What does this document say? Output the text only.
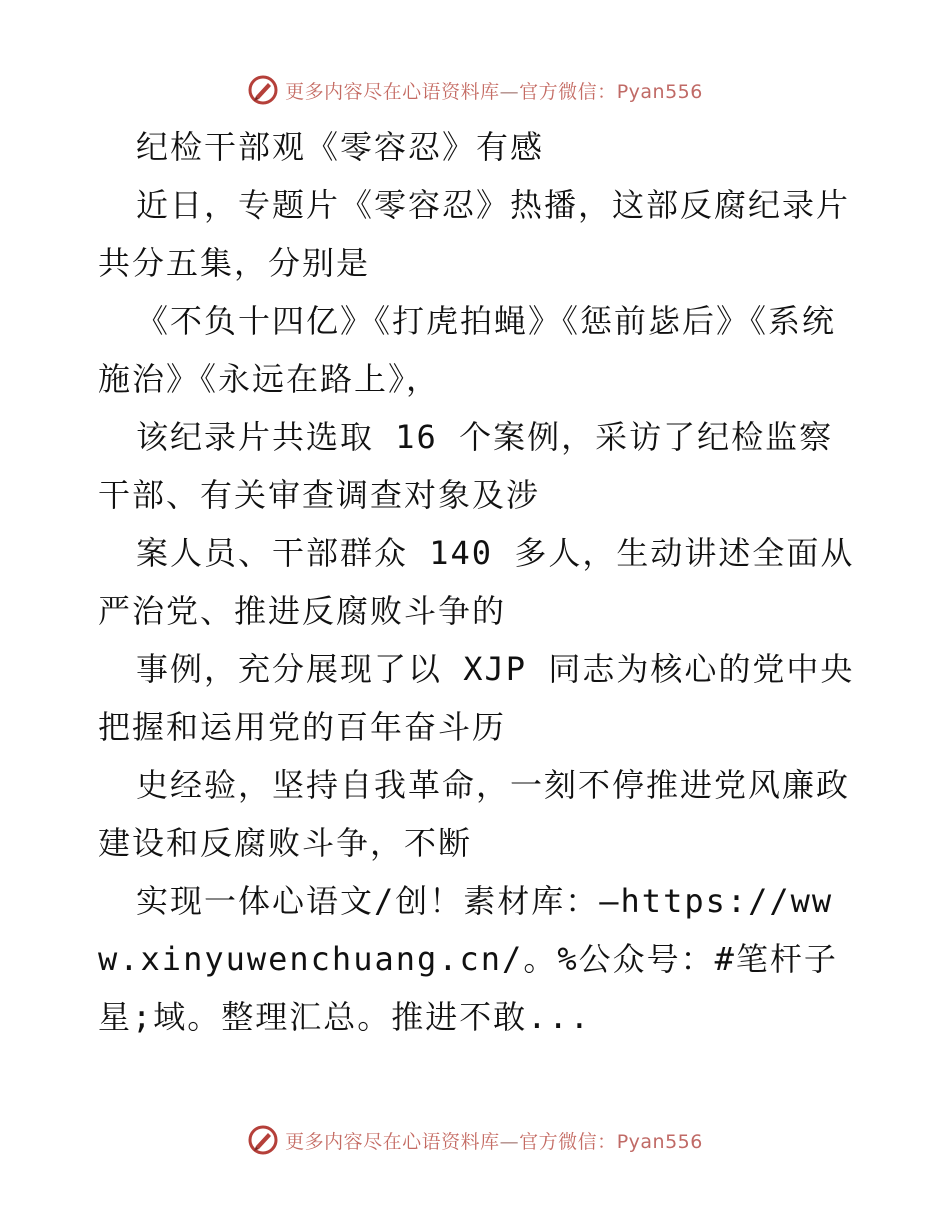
更多内容尽在心语资料库—官方微信：Pyan556

纪检干部观《零容忍》有感

近日，专题片《零容忍》热播，这部反腐纪录片共分五集，分别是

《不负十四亿》《打虎拍蝇》《惩前毖后》《系统施治》《永远在路上》，

该纪录片共选取 16 个案例，采访了纪检监察干部、有关审查调查对象及涉

案人员、干部群众 140 多人，生动讲述全面从严治党、推进反腐败斗争的

事例，充分展现了以 XJP 同志为核心的党中央把握和运用党的百年奋斗历

史经验，坚持自我革命，一刻不停推进党风廉政建设和反腐败斗争，不断

实现一体心语文/创！素材库：—https://www.xinyuwenchuang.cn/。%公众号：#笔杆子星;域。整理汇总。推进不敢...

更多内容尽在心语资料库—官方微信：Pyan556
